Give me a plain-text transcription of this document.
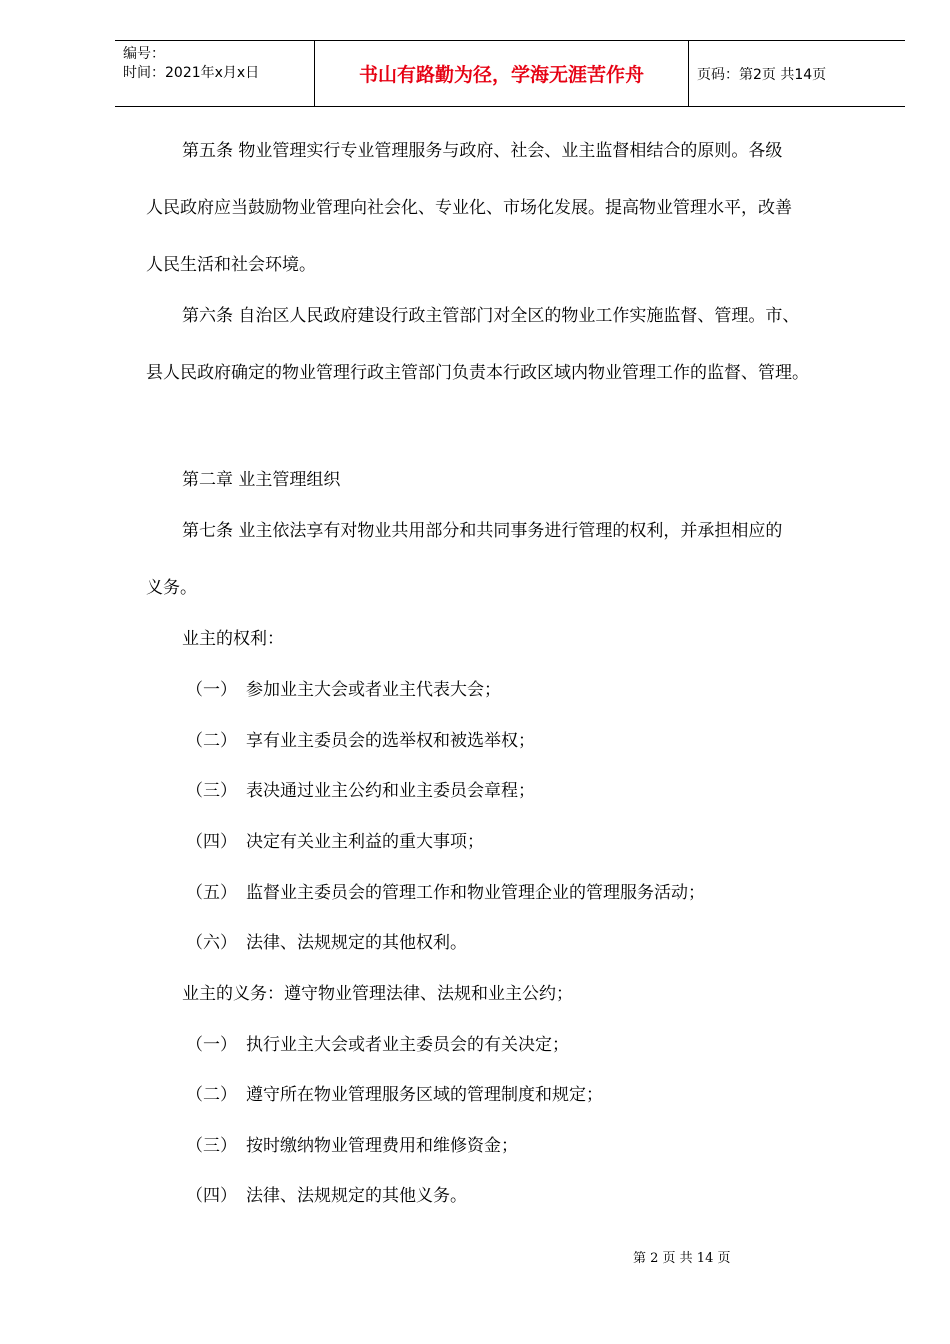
编号：
时间：2021年x月x日	书山有路勤为径，学海无涯苦作舟	页码：第2页 共14页
第五条 物业管理实行专业管理服务与政府、社会、业主监督相结合的原则。各级
人民政府应当鼓励物业管理向社会化、专业化、市场化发展。提高物业管理水平，改善
人民生活和社会环境。
第六条 自治区人民政府建设行政主管部门对全区的物业工作实施监督、管理。市、
县人民政府确定的物业管理行政主管部门负责本行政区域内物业管理工作的监督、管理。
第二章 业主管理组织
第七条 业主依法享有对物业共用部分和共同事务进行管理的权利，并承担相应的
义务。
业主的权利：
（一） 参加业主大会或者业主代表大会；
（二） 享有业主委员会的选举权和被选举权；
（三） 表决通过业主公约和业主委员会章程；
（四） 决定有关业主利益的重大事项；
（五） 监督业主委员会的管理工作和物业管理企业的管理服务活动；
（六） 法律、法规规定的其他权利。
业主的义务：遵守物业管理法律、法规和业主公约；
（一） 执行业主大会或者业主委员会的有关决定；
（二） 遵守所在物业管理服务区域的管理制度和规定；
（三） 按时缴纳物业管理费用和维修资金；
（四） 法律、法规规定的其他义务。
第 2 页 共 14 页
